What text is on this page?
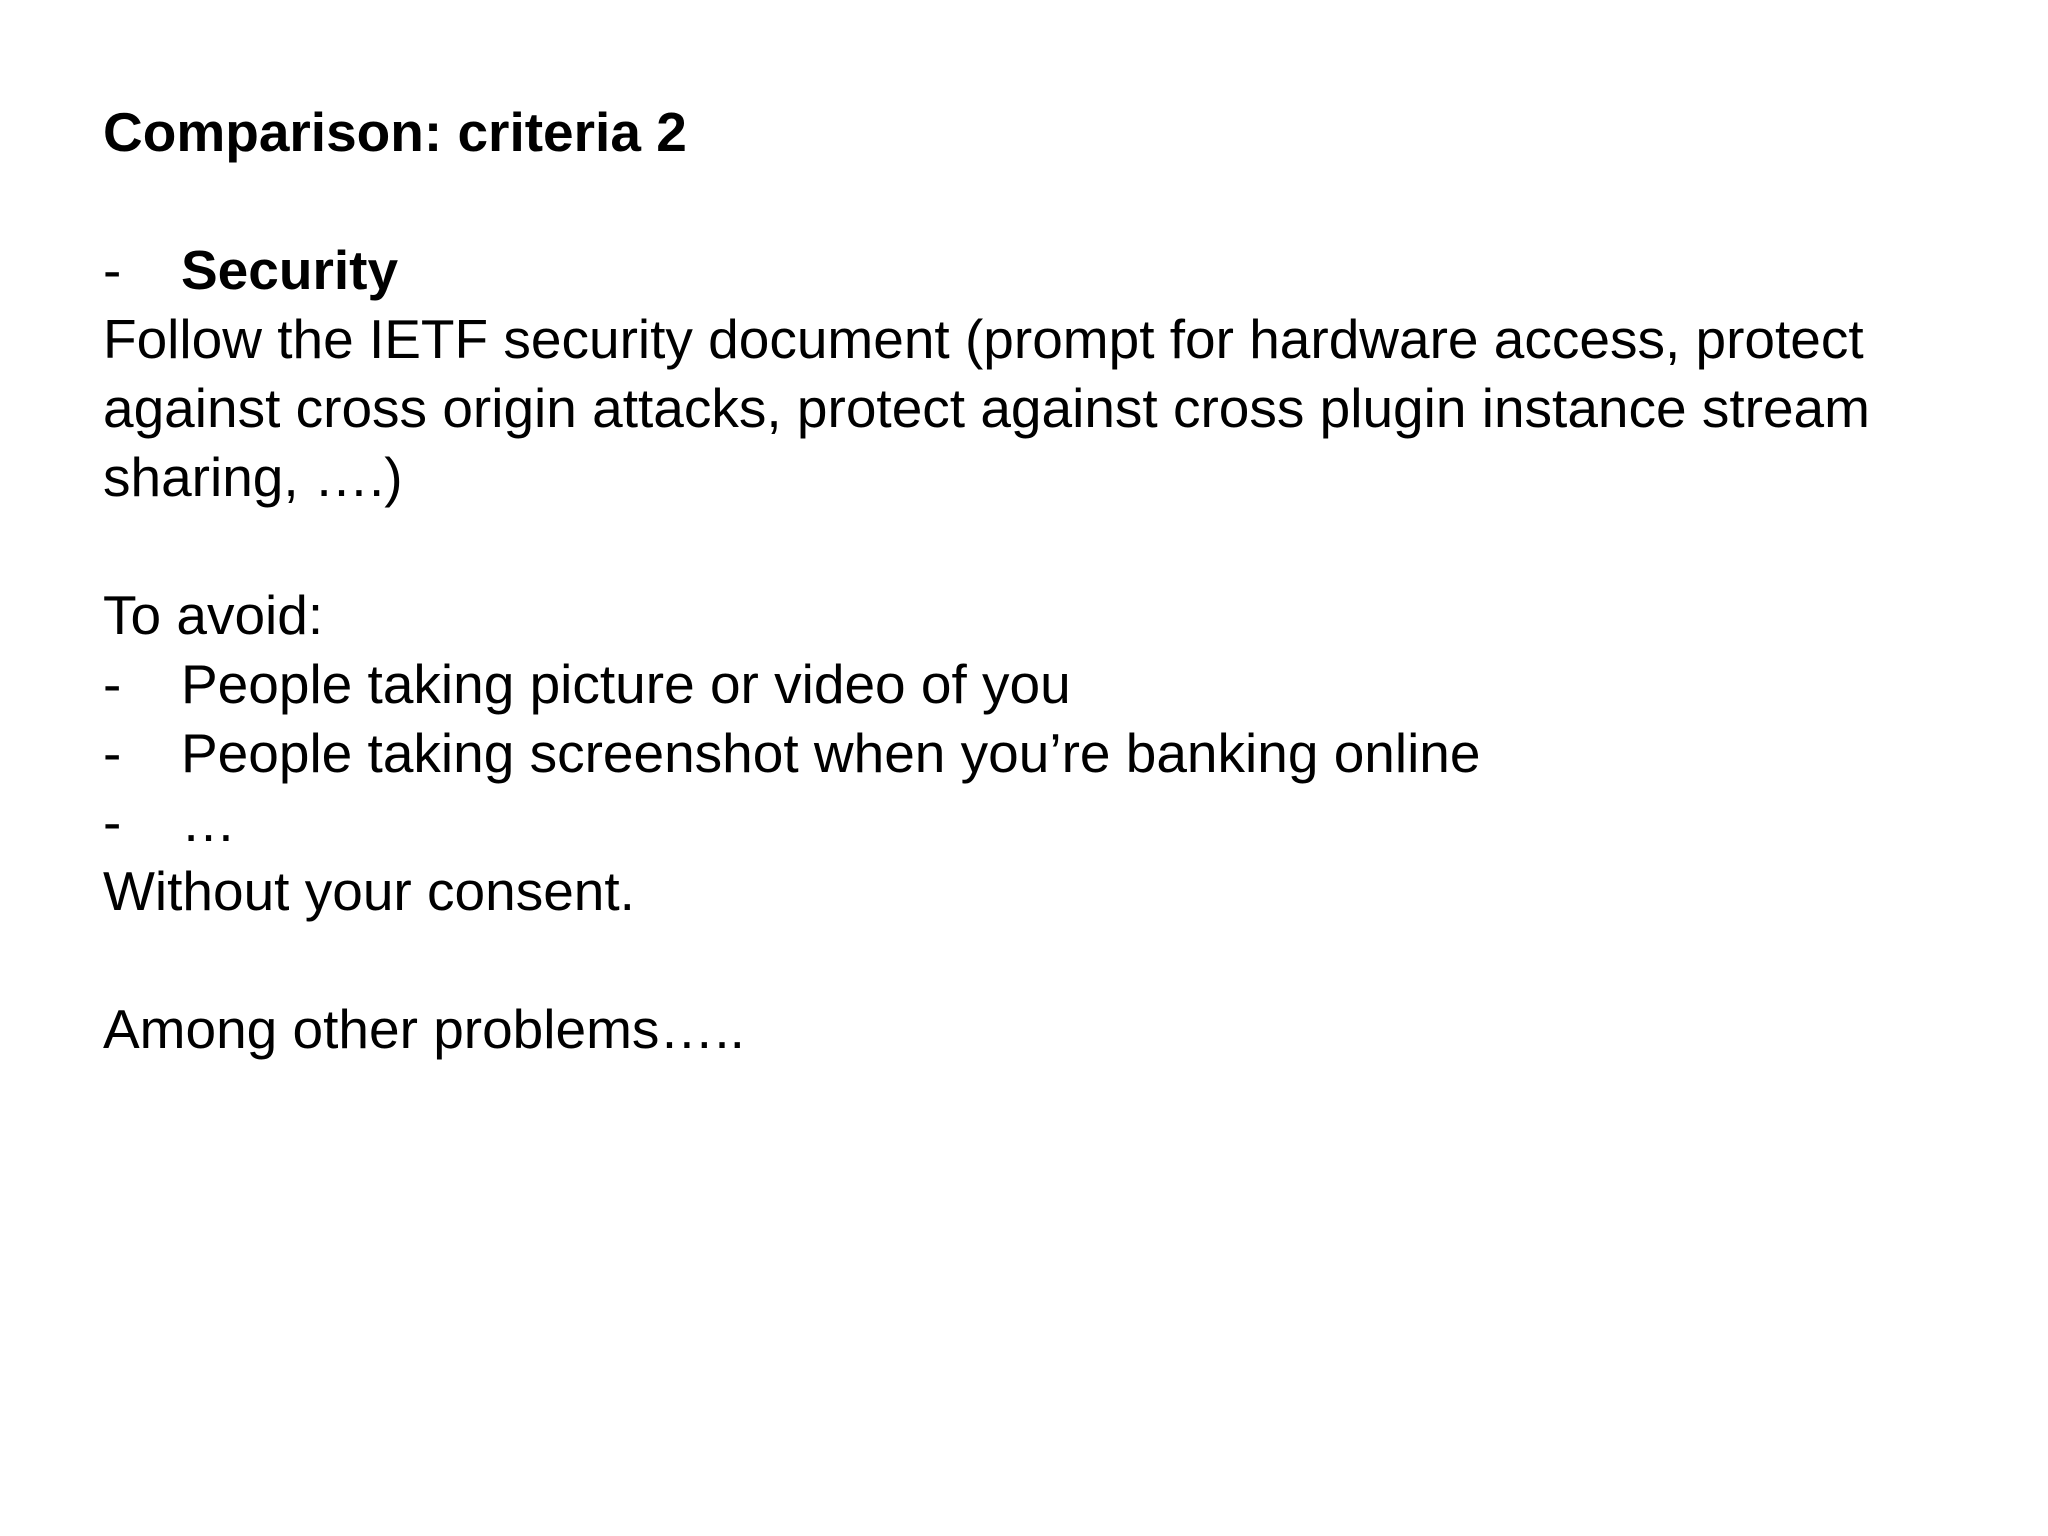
Comparison: criteria 2
-	Security
Follow the IETF security document (prompt for hardware access, protect
against cross origin attacks, protect against cross plugin instance stream
sharing, ….)
To avoid:
-	People taking picture or video of you
-	People taking screenshot when you’re banking online
-	…
Without your consent.
Among other problems…..
